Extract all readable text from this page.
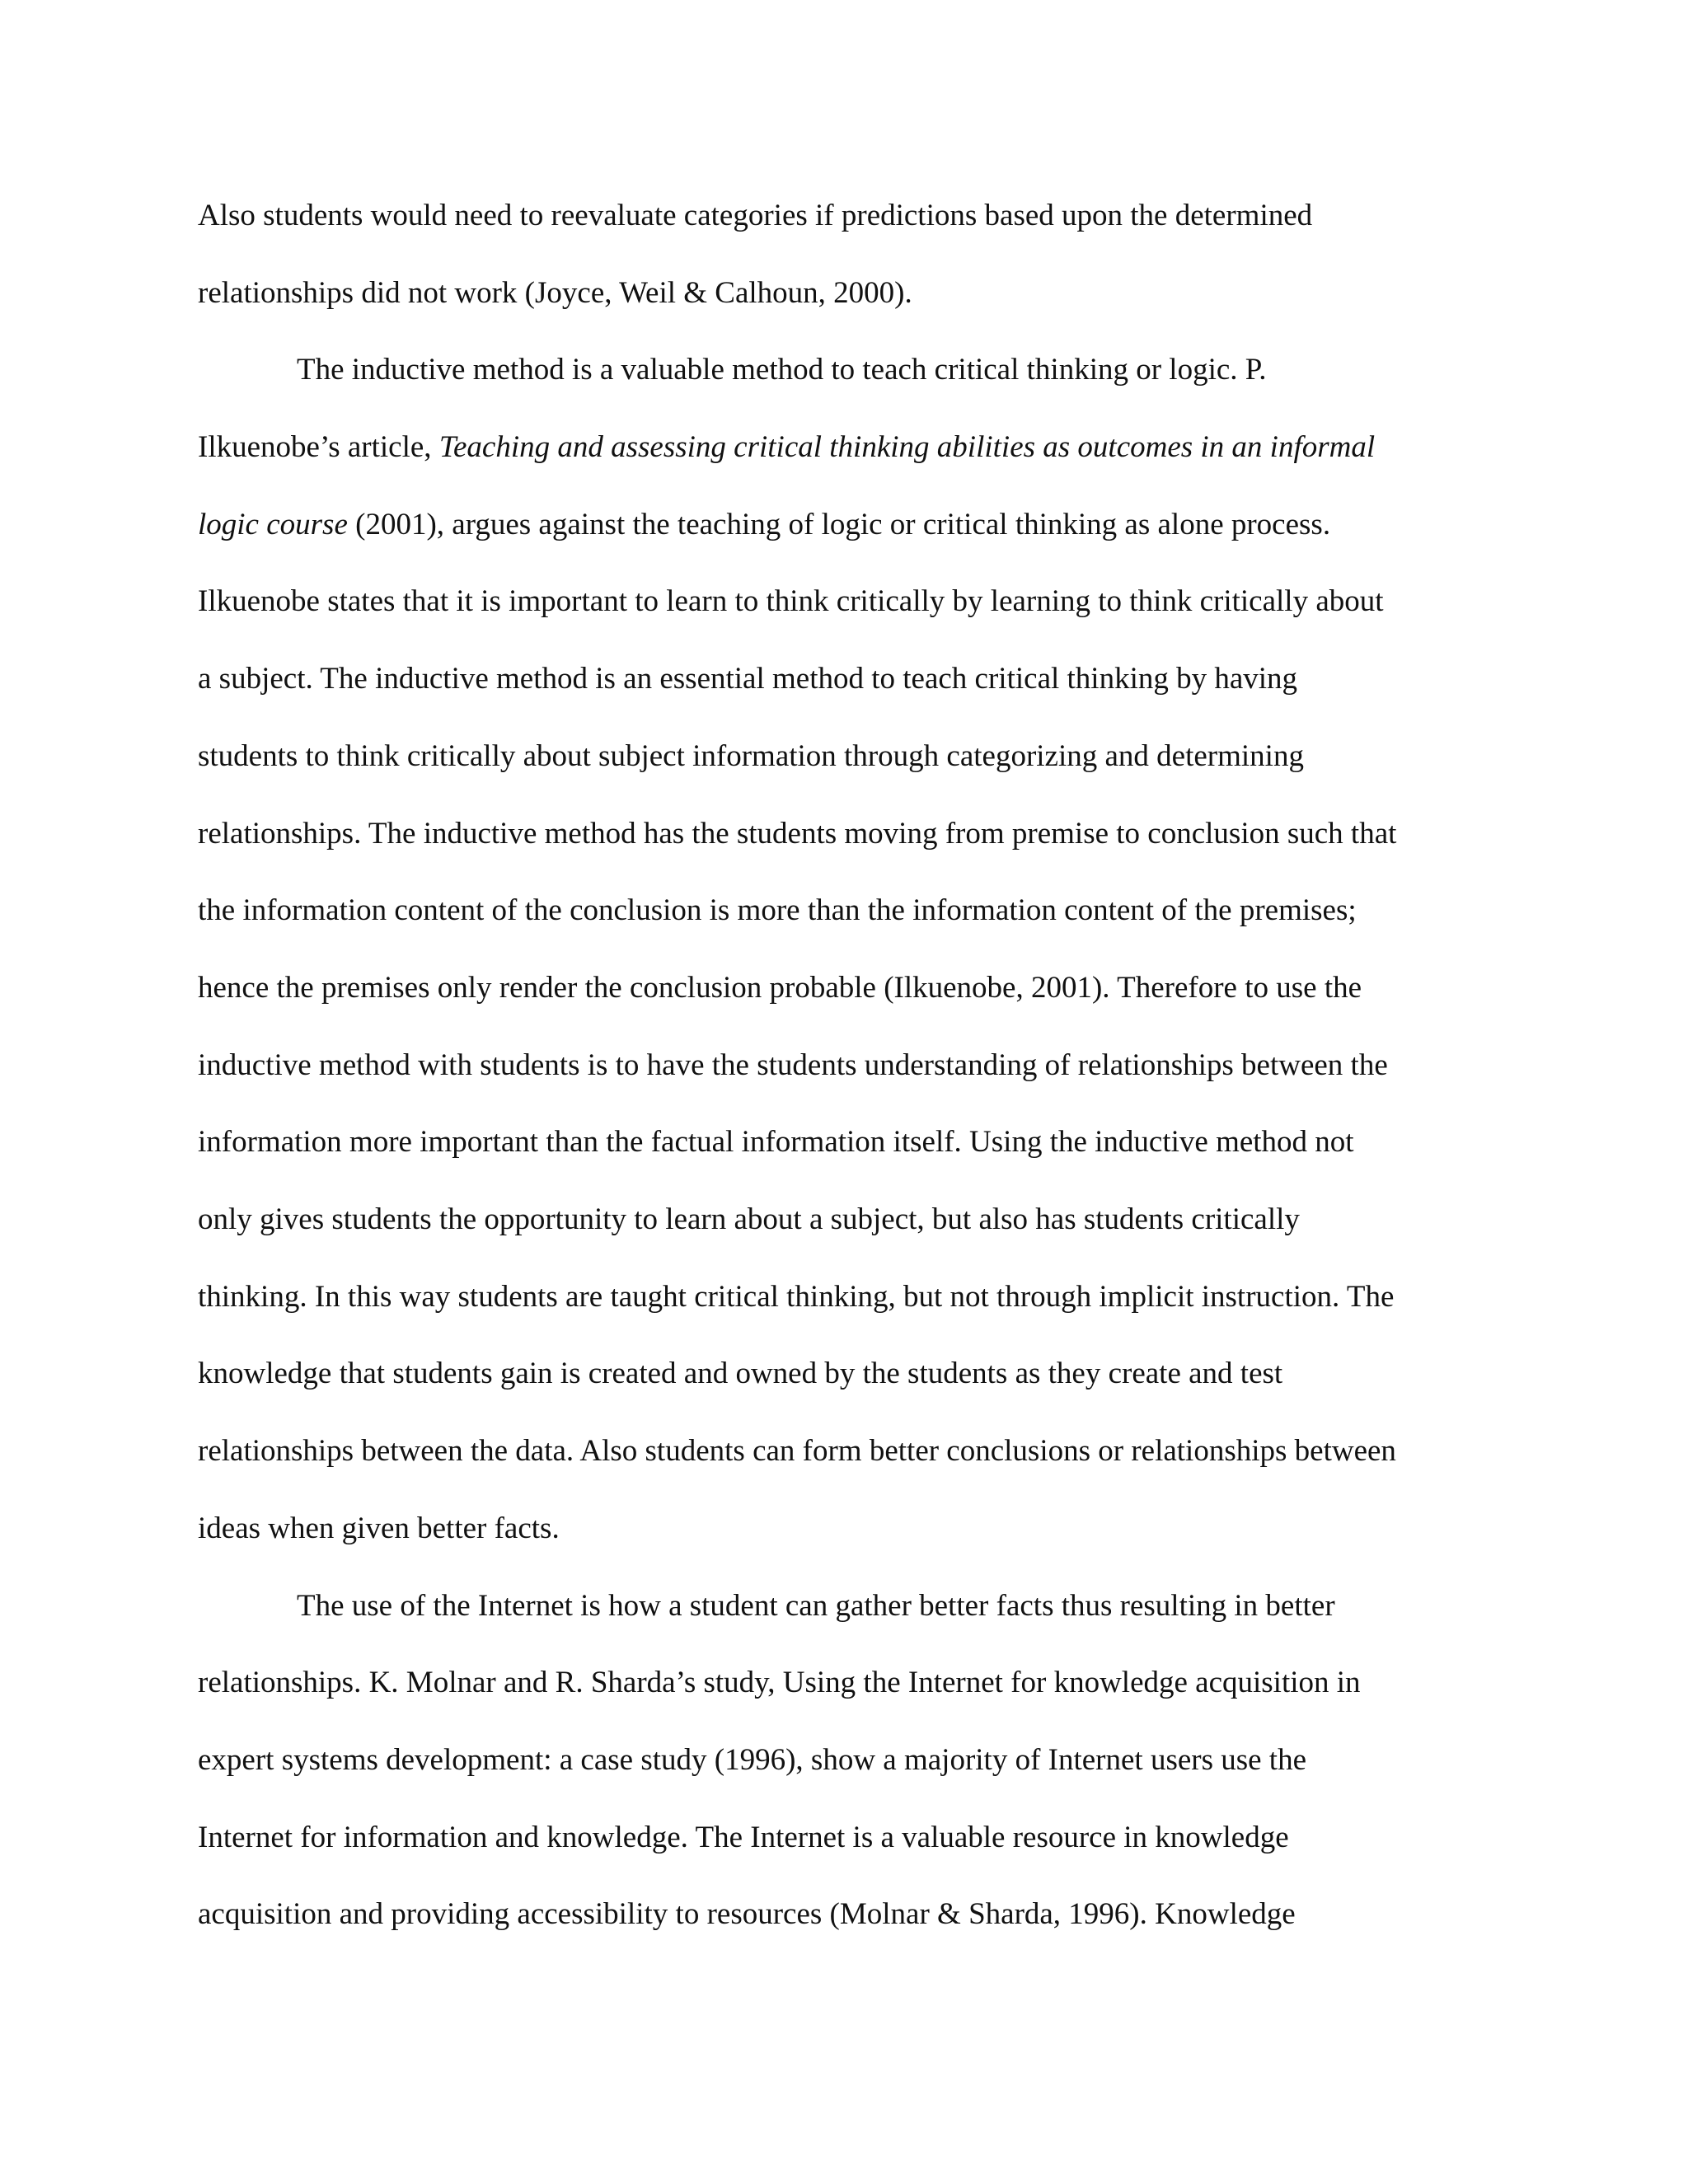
Also students would need to reevaluate categories if predictions based upon the determined
relationships did not work (Joyce, Weil & Calhoun, 2000).
The inductive method is a valuable method to teach critical thinking or logic. P.
Ilkuenobe’s article, Teaching and assessing critical thinking abilities as outcomes in an informal
logic course (2001), argues against the teaching of logic or critical thinking as alone process.
Ilkuenobe states that it is important to learn to think critically by learning to think critically about
a subject. The inductive method is an essential method to teach critical thinking by having
students to think critically about subject information through categorizing and determining
relationships. The inductive method has the students moving from premise to conclusion such that
the information content of the conclusion is more than the information content of the premises;
hence the premises only render the conclusion probable (Ilkuenobe, 2001). Therefore to use the
inductive method with students is to have the students understanding of relationships between the
information more important than the factual information itself. Using the inductive method not
only gives students the opportunity to learn about a subject, but also has students critically
thinking. In this way students are taught critical thinking, but not through implicit instruction. The
knowledge that students gain is created and owned by the students as they create and test
relationships between the data. Also students can form better conclusions or relationships between
ideas when given better facts.
The use of the Internet is how a student can gather better facts thus resulting in better
relationships. K. Molnar and R. Sharda’s study, Using the Internet for knowledge acquisition in
expert systems development: a case study (1996), show a majority of Internet users use the
Internet for information and knowledge. The Internet is a valuable resource in knowledge
acquisition and providing accessibility to resources (Molnar & Sharda, 1996). Knowledge
